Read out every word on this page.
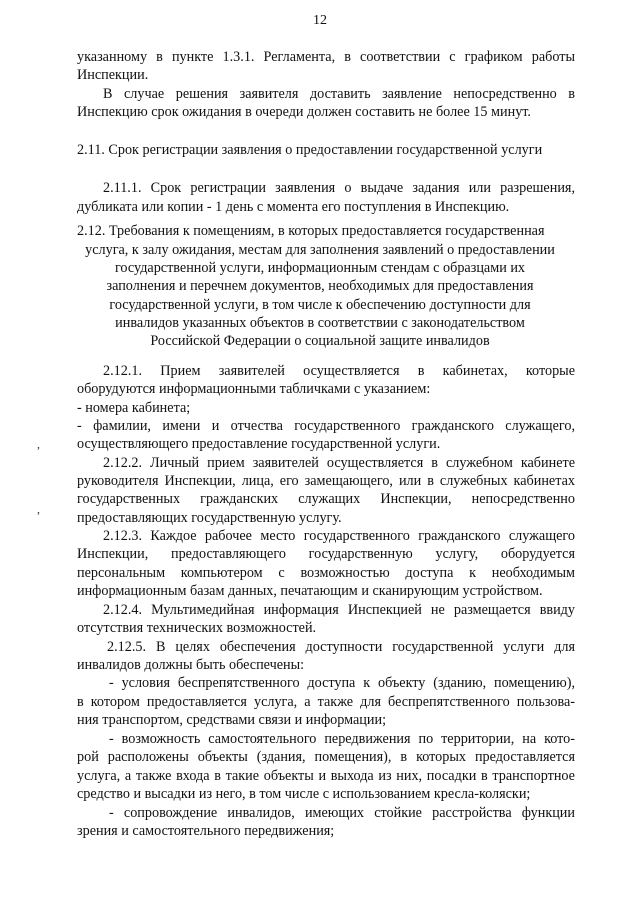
12
указанному в пункте 1.3.1. Регламента, в соответствии с графиком работы
Инспекции.
В случае решения заявителя доставить заявление непосредственно в
Инспекцию срок ожидания в очереди должен составить не более 15 минут.
2.11. Срок регистрации заявления о предоставлении государственной услуги
2.11.1. Срок регистрации заявления о выдаче задания или разрешения,
дубликата или копии - 1 день с момента его поступления в Инспекцию.
2.12. Требования к помещениям, в которых предоставляется государственная
услуга, к залу ожидания, местам для заполнения заявлений о предоставлении
государственной услуги, информационным стендам с образцами их
заполнения и перечнем документов, необходимых для предоставления
государственной услуги, в том числе к обеспечению доступности для
инвалидов указанных объектов в соответствии с законодательством
Российской Федерации о социальной защите инвалидов
2.12.1. Прием заявителей осуществляется в кабинетах, которые
оборудуются информационными табличками с указанием:
- номера кабинета;
- фамилии, имени и отчества государственного гражданского служащего,
осуществляющего предоставление государственной услуги.
2.12.2. Личный прием заявителей осуществляется в служебном кабинете
руководителя Инспекции, лица, его замещающего, или в служебных кабинетах
государственных гражданских служащих Инспекции, непосредственно
предоставляющих государственную услугу.
2.12.3. Каждое рабочее место государственного гражданского служащего
Инспекции, предоставляющего государственную услугу, оборудуется
персональным компьютером с возможностью доступа к необходимым
информационным базам данных, печатающим и сканирующим устройством.
2.12.4. Мультимедийная информация Инспекцией не размещается ввиду
отсутствия технических возможностей.
2.12.5. В целях обеспечения доступности государственной услуги для
инвалидов должны быть обеспечены:
- условия беспрепятственного доступа к объекту (зданию, помещению),
в котором предоставляется услуга, а также для беспрепятственного пользова-
ния транспортом, средствами связи и информации;
- возможность самостоятельного передвижения по территории, на кото-
рой расположены объекты (здания, помещения), в которых предоставляется
услуга, а также входа в такие объекты и выхода из них, посадки в транспортное
средство и высадки из него, в том числе с использованием кресла-коляски;
- сопровождение инвалидов, имеющих стойкие расстройства функции
зрения и самостоятельного передвижения;
,
,
